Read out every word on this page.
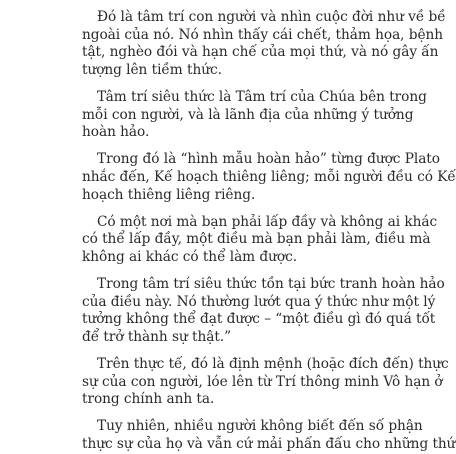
Đó là tâm trí con người và nhìn cuộc đời như về bề
ngoài của nó. Nó nhìn thấy cái chết, thảm họa, bệnh
tật, nghèo đói và hạn chế của mọi thứ, và nó gây ấn
tượng lên tiềm thức.
Tâm trí siêu thức là Tâm trí của Chúa bên trong
mỗi con người, và là lãnh địa của những ý tưởng
hoàn hảo.
Trong đó là “hình mẫu hoàn hảo” từng được Plato
nhắc đến, Kế hoạch thiêng liêng; mỗi người đều có Kế
hoạch thiêng liêng riêng.
Có một nơi mà bạn phải lấp đầy và không ai khác
có thể lấp đầy, một điều mà bạn phải làm, điều mà
không ai khác có thể làm được.
Trong tâm trí siêu thức tồn tại bức tranh hoàn hảo
của điều này. Nó thường lướt qua ý thức như một lý
tưởng không thể đạt được – “một điều gì đó quá tốt
để trở thành sự thật.”
Trên thực tế, đó là định mệnh (hoặc đích đến) thực
sự của con người, lóe lên từ Trí thông minh Vô hạn ở
trong chính anh ta.
Tuy nhiên, nhiều người không biết đến số phận
thực sự của họ và vẫn cứ mải phấn đấu cho những thứ
